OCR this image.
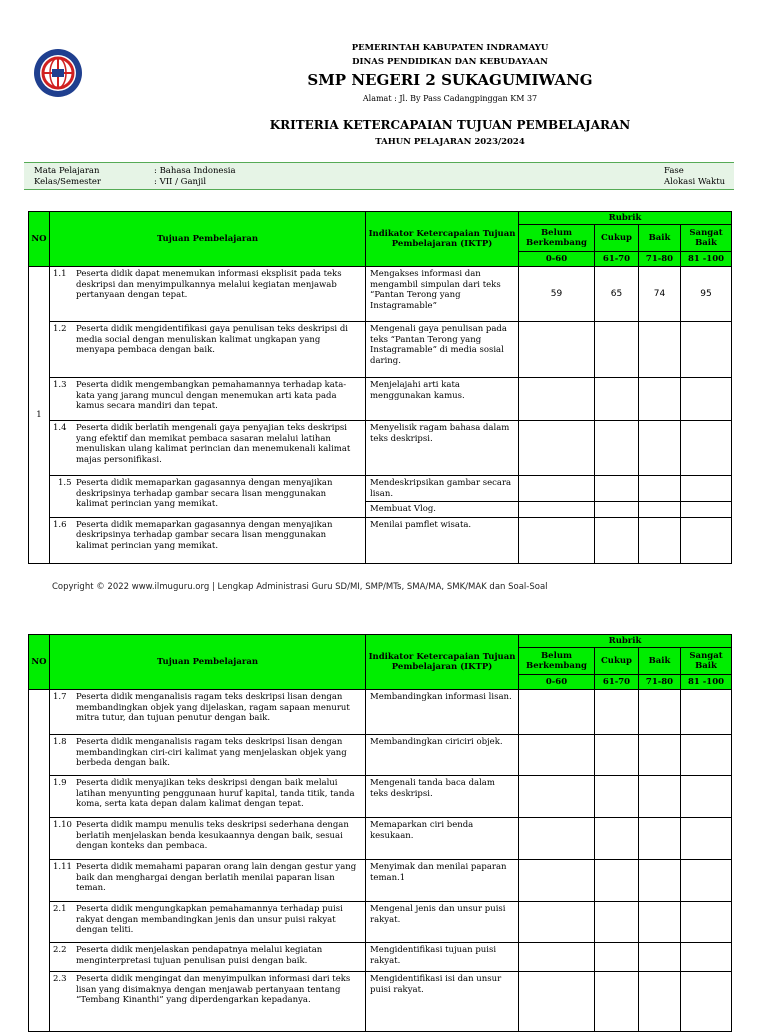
PEMERINTAH KABUPATEN INDRAMAYU
DINAS PENDIDIKAN DAN KEBUDAYAAN
SMP NEGERI 2 SUKAGUMIWANG
Alamat : Jl. By Pass Cadangpinggan KM 37
KRITERIA KETERCAPAIAN TUJUAN PEMBELAJARAN
TAHUN PELAJARAN 2023/2024
Mata Pelajaran	: Bahasa Indonesia
Kelas/Semester	: VII / Ganjil
Fase
Alokasi Waktu
NO	Tujuan Pembelajaran	Indikator Ketercapaian Tujuan Pembelajaran (IKTP)	Rubrik			
			Belum Berkembang	Cukup	Baik	Sangat Baik
			0-60	61-70	71-80	81 -100
1	1.1 Peserta didik dapat menemukan informasi eksplisit pada teks deskripsi dan menyimpulkannya melalui kegiatan menjawab pertanyaan dengan tepat.	Mengakses informasi dan mengambil simpulan dari teks “Pantan Terong yang Instagramable”	59	65	74	95

	1.2 Peserta didik mengidentifikasi gaya penulisan teks deskripsi di media social dengan menuliskan kalimat ungkapan yang menyapa pembaca dengan baik.	Mengenali gaya penulisan pada teks “Pantan Terong yang Instagramable” di media sosial daring.				

	1.3 Peserta didik mengembangkan pemahamannya terhadap kata-kata yang jarang muncul dengan menemukan arti kata pada kamus secara mandiri dan tepat.	Menjelajahi arti kata menggunakan kamus.				

	1.4 Peserta didik berlatih mengenali gaya penyajian teks deskripsi yang efektif dan memikat pembaca sasaran melalui latihan menuliskan ulang kalimat perincian dan menemukenali kalimat majas personifikasi.	Menyelisik ragam bahasa dalam teks deskripsi.				

	1.5 Peserta didik memaparkan gagasannya dengan menyajikan deskripsinya terhadap gambar secara lisan menggunakan kalimat perincian yang memikat.	Mendeskripsikan gambar secara lisan.				
		Membuat Vlog.				

	1.6 Peserta didik memaparkan gagasannya dengan menyajikan deskripsinya terhadap gambar secara lisan menggunakan kalimat perincian yang memikat.	Menilai pamflet wisata.				
Copyright © 2022 www.ilmuguru.org | Lengkap Administrasi Guru SD/MI, SMP/MTs, SMA/MA, SMK/MAK dan Soal-Soal
NO	Tujuan Pembelajaran	Indikator Ketercapaian Tujuan Pembelajaran (IKTP)	Rubrik			
			Belum Berkembang	Cukup	Baik	Sangat Baik
			0-60	61-70	71-80	81 -100

	1.7 Peserta didik menganalisis ragam teks deskripsi lisan dengan membandingkan objek yang dijelaskan, ragam sapaan menurut mitra tutur, dan tujuan penutur dengan baik.	Membandingkan informasi lisan.				

	1.8 Peserta didik menganalisis ragam teks deskripsi lisan dengan membandingkan ciri-ciri kalimat yang menjelaskan objek yang berbeda dengan baik.	Membandingkan ciriciri objek.				

	1.9 Peserta didik menyajikan teks deskripsi dengan baik melalui latihan menyunting penggunaan huruf kapital, tanda titik, tanda koma, serta kata depan dalam kalimat dengan tepat.	Mengenali tanda baca dalam teks deskripsi.				

	1.10 Peserta didik mampu menulis teks deskripsi sederhana dengan berlatih menjelaskan benda kesukaannya dengan baik, sesuai dengan konteks dan pembaca.	Memaparkan ciri benda kesukaan.				

	1.11 Peserta didik memahami paparan orang lain dengan gestur yang baik dan menghargai dengan berlatih menilai paparan lisan teman.	Menyimak dan menilai paparan teman.1				

	2.1 Peserta didik mengungkapkan pemahamannya terhadap puisi rakyat dengan membandingkan jenis dan unsur puisi rakyat dengan teliti.	Mengenal jenis dan unsur puisi rakyat.				

	2.2 Peserta didik menjelaskan pendapatnya melalui kegiatan menginterpretasi tujuan penulisan puisi dengan baik.	Mengidentifikasi tujuan puisi rakyat.				

	2.3 Peserta didik mengingat dan menyimpulkan informasi dari teks lisan yang disimaknya dengan menjawab pertanyaan tentang “Tembang Kinanthi” yang diperdengarkan kepadanya.	Mengidentifikasi isi dan unsur puisi rakyat.				
